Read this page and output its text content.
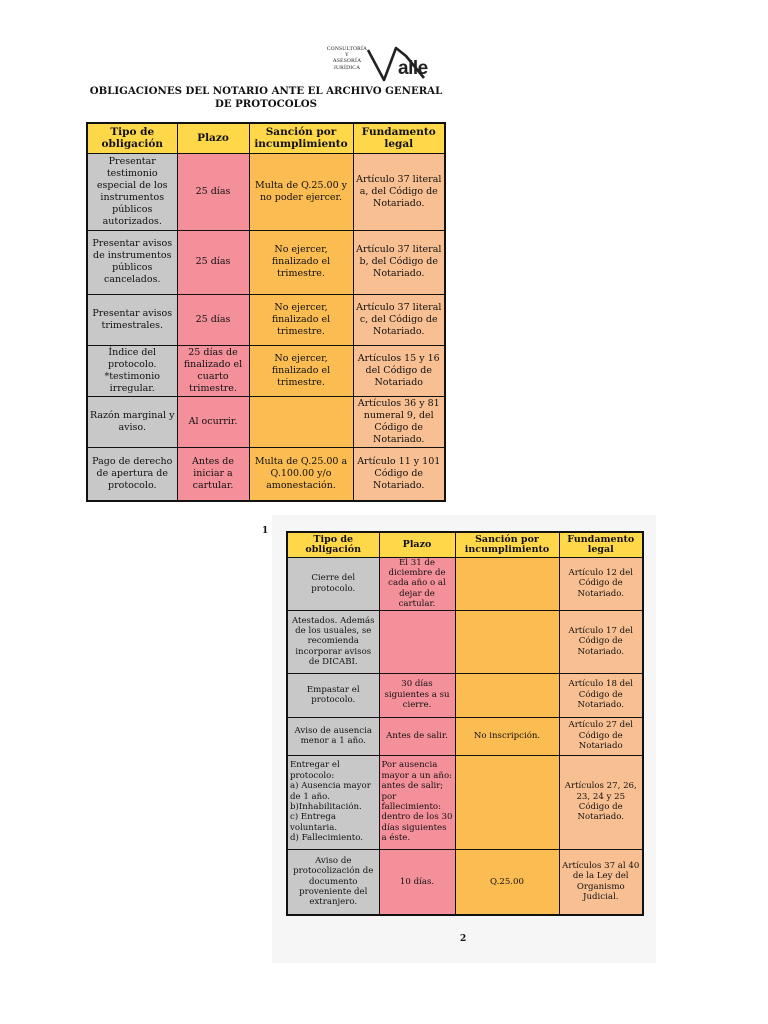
CONSULTORÍA
Y
ASESORÍA
JURÍDICA	alle
OBLIGACIONES DEL NOTARIO ANTE EL ARCHIVO GENERAL DE PROTOCOLOS
Tipo de obligación	Plazo	Sanción por incumplimiento	Fundamento legal
Presentar testimonio especial de los instrumentos públicos autorizados.	25 días	Multa de Q.25.00 y no poder ejercer.	Artículo 37 literal a, del Código de Notariado.
Presentar avisos de instrumentos públicos cancelados.	25 días	No ejercer, finalizado el trimestre.	Artículo 37 literal b, del Código de Notariado.
Presentar avisos trimestrales.	25 días	No ejercer, finalizado el trimestre.	Artículo 37 literal c, del Código de Notariado.
Índice del protocolo. *testimonio irregular.	25 días de finalizado el cuarto trimestre.	No ejercer, finalizado el trimestre.	Artículos 15 y 16 del Código de Notariado
Razón marginal y aviso.	Al ocurrir.		Artículos 36 y 81 numeral 9, del Código de Notariado.
Pago de derecho de apertura de protocolo.	Antes de iniciar a cartular.	Multa de Q.25.00 a Q.100.00 y/o amonestación.	Artículo 11 y 101 Código de Notariado.
1
Tipo de obligación	Plazo	Sanción por incumplimiento	Fundamento legal
Cierre del protocolo.	El 31 de diciembre de cada año o al dejar de cartular.		Artículo 12 del Código de Notariado.
Atestados. Además de los usuales, se recomienda incorporar avisos de DICABI.			Artículo 17 del Código de Notariado.
Empastar el protocolo.	30 días siguientes a su cierre.		Artículo 18 del Código de Notariado.
Aviso de ausencia menor a 1 año.	Antes de salir.	No inscripción.	Artículo 27 del Código de Notariado
Entregar el protocolo:
a) Ausencia mayor de 1 año.
b)Inhabilitación.
c) Entrega voluntaria.
d) Fallecimiento.	Por ausencia mayor a un año: antes de salir; por fallecimiento: dentro de los 30 días siguientes a éste.		Artículos 27, 26, 23, 24 y 25 Código de Notariado.
Aviso de protocolización de documento proveniente del extranjero.	10 días.	Q.25.00	Artículos 37 al 40 de la Ley del Organismo Judicial.
2
